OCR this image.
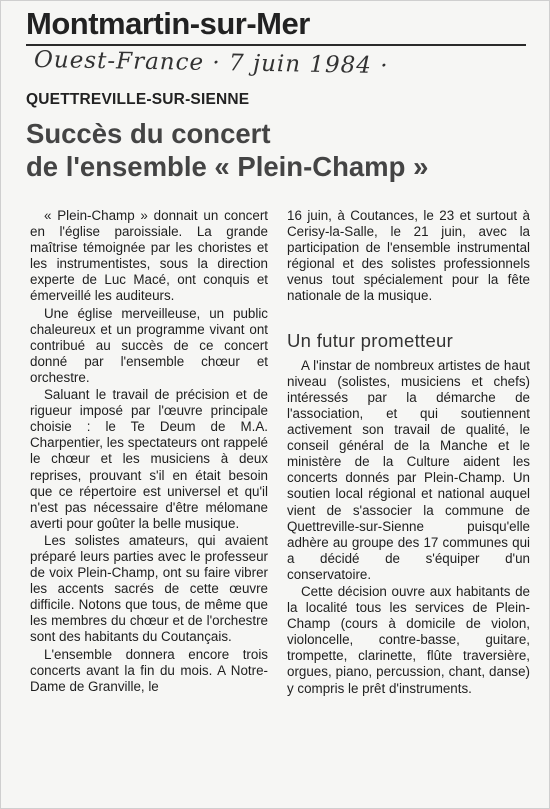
Montmartin-sur-Mer
Ouest-France · 7 juin 1984 ·
QUETTREVILLE-SUR-SIENNE
Succès du concert
de l'ensemble « Plein-Champ »

« Plein-Champ » donnait un concert en l'église paroissiale. La grande maîtrise témoignée par les choristes et les instrumentistes, sous la direction experte de Luc Macé, ont conquis et émerveillé les auditeurs.

Une église merveilleuse, un public chaleureux et un programme vivant ont contribué au succès de ce concert donné par l'ensemble chœur et orchestre.

Saluant le travail de précision et de rigueur imposé par l'œuvre principale choisie : le Te Deum de M.A. Charpentier, les spectateurs ont rappelé le chœur et les musiciens à deux reprises, prouvant s'il en était besoin que ce répertoire est universel et qu'il n'est pas nécessaire d'être mélomane averti pour goûter la belle musique.

Les solistes amateurs, qui avaient préparé leurs parties avec le professeur de voix Plein-Champ, ont su faire vibrer les accents sacrés de cette œuvre difficile. Notons que tous, de même que les membres du chœur et de l'orchestre sont des habitants du Coutançais.

L'ensemble donnera encore trois concerts avant la fin du mois. A Notre-Dame de Granville, le

16 juin, à Coutances, le 23 et surtout à Cerisy-la-Salle, le 21 juin, avec la participation de l'ensemble instrumental régional et des solistes professionnels venus tout spécialement pour la fête nationale de la musique.

Un futur prometteur

A l'instar de nombreux artistes de haut niveau (solistes, musiciens et chefs) intéressés par la démarche de l'association, et qui soutiennent activement son travail de qualité, le conseil général de la Manche et le ministère de la Culture aident les concerts donnés par Plein-Champ. Un soutien local régional et national auquel vient de s'associer la commune de Quettreville-sur-Sienne puisqu'elle adhère au groupe des 17 communes qui a décidé de s'équiper d'un conservatoire.

Cette décision ouvre aux habitants de la localité tous les services de Plein-Champ (cours à domicile de violon, violoncelle, contre-basse, guitare, trompette, clarinette, flûte traversière, orgues, piano, percussion, chant, danse) y compris le prêt d'instruments.
